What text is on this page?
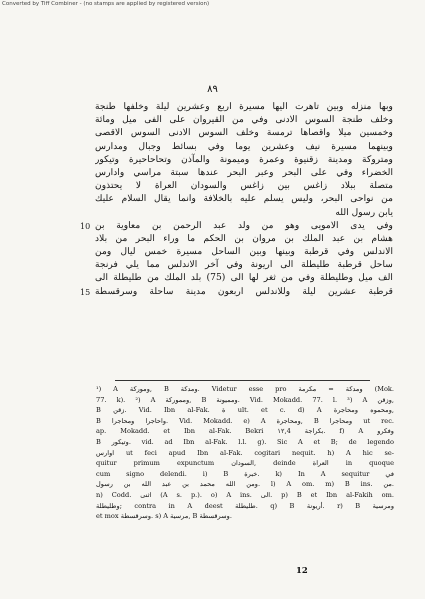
Converted by Tiff Combiner - (no stamps are applied by registered version)
٨٩
وبها منزله وبين تاهرت اليها مسيرة اربع وعشرين ليلة وخلفها طنجة
وخلف طنجة السوس الادنى وفي من القيروان على الفى ميل ومائة
وخمسين ميلا واقصاها ترمسة وخلف السوس الادنى السوس الاقصى
وبينهما مسيرة نيف وعشرين يوما وفي بسائط وجبال ومدارس
ومتروكة ومدينة زقنيوة وعمرة وميمونة والمآذن وتحاحاحيرة وتيكور
الخضراء وفي على البحر وعبر البحر عندها سبتة مراسي وادارس
متصلة ببلاد زاغس بين زاغس والسودان العراة لا يحتذون
من نواحى البحر، وليس يسلم عليه بالخلافة وانما يقال السلام عليك
يابن رسول الله
وفي يدى الامويى وهو من ولد عبد الرحمن بن معاوية بن
هشام بن عبد الملك بن مروان بن الحكم ما وراء البحر من بلاد
الاندلس وفي قرطبة وبينها وبين الساحل مسيرة خمس ليال ومن
ساحل قرطبة طليطلة الى اريونة وفي آخر الاندلس مما يلي فرنجة
الف ميل وطليطلة وفي من ثغر لها الى (75) بلد الملك من طليطلة الى
قرطبة عشرين ليلة وللاندلس اربعون مدينة ساحلة وسرقسطة
10
15
¹) A وموركة, B ومدكة. Videtur esse pro ومدكة = مكرمة (Mok.
77. k). ²) A ومموركة, B ومميونة. Vid. Mokadd. 77. l. ³) A وزقن,
B زقن. Vid. Ibn al-Fak. ة ult. et c. d) A ومحموه ومحاجرة,
B واحاجرا ومحاجرا. Vid. Mokadd. e) A ومحاجرة, B ومحاجرا ut rec.
ap. Mokadd. et Ibn al-Fak. Bekri ١٢,4 بكراجة. f) A وفكرو
B وتيكور. vid. ad Ibn al-Fak. l.l. g). Sic A et B; de legendo
اوارس ut feci apud Ibn al-Fak. cogitari nequit. h) A hic se-
quitur primum expunctum السودان, deinde العراة in quoque
cum signo delendi. i) B خبرة. k) In A sequitur في
ومن الله محمد بن عبد الله بن رسول. l) A om. m) B ins. من.
n) Codd. اثنى (A s. p.). o) A ins. الى. p) B et Ibn al-Fakih om.
وطليطلة; contra in A deest طليطلة. q) B أريونة. r) B ومرسية
et mox وسرقسطة. s) A مرسية, B وسرقسطة.
12
